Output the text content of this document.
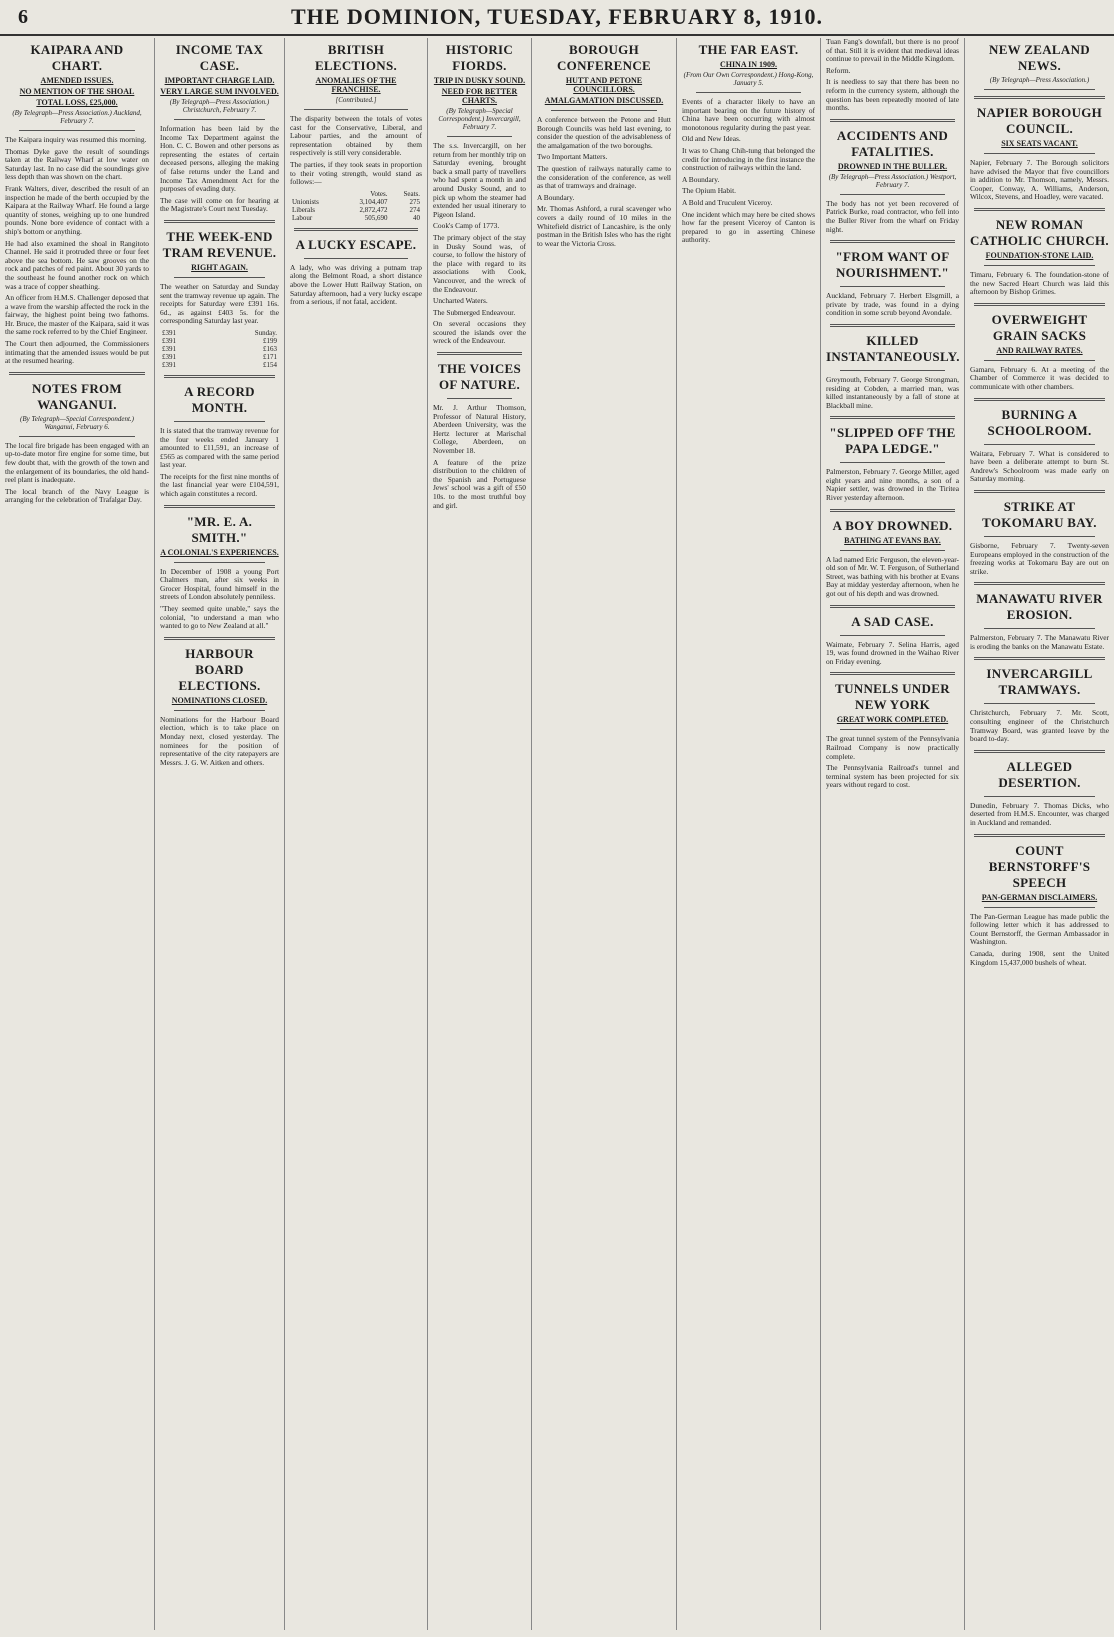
6	THE DOMINION, TUESDAY, FEBRUARY 8, 1910.
KAIPARA AND CHART.
AMENDED ISSUES.
NO MENTION OF THE SHOAL
TOTAL LOSS, £25,000.
(By Telegraph—Press Association.) Auckland, February 7.

The Kaipara inquiry was resumed this morning.

Thomas Dyke gave the result of soundings taken at the Railway Wharf at low water on Saturday last. In no case did the soundings give less depth than was shown on the chart.

Frank Walters, diver, described the result of an inspection he made of the berth occupied by the Kaipara at the Railway Wharf. He found a large quantity of stones, weighing up to one hundred pounds. None bore evidence of contact with a ship's bottom or anything.

He had also examined the shoal in Rangitoto Channel. He said it protruded three or four feet above the sea bottom. He saw grooves on the rock and patches of red paint. About 30 yards to the southeast he found another rock on which was a trace of copper sheathing.

An officer from H.M.S. Challenger deposed that a wave from the warship affected the rock in the fairway, the highest point being two fathoms. Hr. Bruce, the master of the Kaipara, said it was the same rock referred to by the Chief Engineer.

The Court then adjourned, the Commissioners intimating that the amended issues would be put at the resumed hearing.

NOTES FROM WANGANUI.
(By Telegraph—Special Correspondent.) Wanganui, February 6.

The local fire brigade has been engaged with an up-to-date motor fire engine for some time, but few doubt that, with the growth of the town and the enlargement of its boundaries, the old hand-reel plant is inadequate.

The local branch of the Navy League is arranging for the celebration of Trafalgar Day.

INCOME TAX CASE.
IMPORTANT CHARGE LAID.
VERY LARGE SUM INVOLVED.
(By Telegraph—Press Association.) Christchurch, February 7.

Information has been laid by the Income Tax Department against the Hon. C. C. Bowen and other persons as representing the estates of certain deceased persons, alleging the making of false returns under the Land and Income Tax Amendment Act for the purposes of evading duty.

The case will come on for hearing at the Magistrate's Court next Tuesday.

THE WEEK-END TRAM REVENUE.
RIGHT AGAIN.

The weather on Saturday and Sunday sent the tramway revenue up again. The receipts for Saturday were £391 16s. 6d., as against £403 5s. for the corresponding Saturday last year.

£391	Sunday.
£391	£199
£391	£163
£391	£171
£391	£154
A RECORD MONTH.

It is stated that the tramway revenue for the four weeks ended January 1 amounted to £11,591, an increase of £565 as compared with the same period last year.

The receipts for the first nine months of the last financial year were £104,591, which again constitutes a record.

"MR. E. A. SMITH."
A COLONIAL'S EXPERIENCES.

In December of 1908 a young Port Chalmers man, after six weeks in Grocer Hospital, found himself in the streets of London absolutely penniless.

"They seemed quite unable," says the colonial, "to understand a man who wanted to go to New Zealand at all."

HARBOUR BOARD ELECTIONS.
NOMINATIONS CLOSED.

Nominations for the Harbour Board election, which is to take place on Monday next, closed yesterday. The nominees for the position of representative of the city ratepayers are Messrs. J. G. W. Aitken and others.

BRITISH ELECTIONS.
ANOMALIES OF THE FRANCHISE.
[Contributed.]

The disparity between the totals of votes cast for the Conservative, Liberal, and Labour parties, and the amount of representation obtained by them respectively is still very considerable.

The parties, if they took seats in proportion to their voting strength, would stand as follows:—

	Votes.	Seats.
Unionists	3,104,407	275
Liberals	2,872,472	274
Labour	505,690	40
A LUCKY ESCAPE.

A lady, who was driving a putnam trap along the Belmont Road, a short distance above the Lower Hutt Railway Station, on Saturday afternoon, had a very lucky escape from a serious, if not fatal, accident.

HISTORIC FIORDS.
TRIP IN DUSKY SOUND.
NEED FOR BETTER CHARTS.
(By Telegraph—Special Correspondent.) Invercargill, February 7.

The s.s. Invercargill, on her return from her monthly trip on Saturday evening, brought back a small party of travellers who had spent a month in and around Dusky Sound, and to pick up whom the steamer had extended her usual itinerary to Pigeon Island.

Cook's Camp of 1773.

The primary object of the stay in Dusky Sound was, of course, to follow the history of the place with regard to its associations with Cook, Vancouver, and the wreck of the Endeavour.

Uncharted Waters.

The Submerged Endeavour.

On several occasions they scoured the islands over the wreck of the Endeavour.

THE VOICES OF NATURE.

Mr. J. Arthur Thomson, Professor of Natural History, Aberdeen University, was the Hertz lecturer at Marischal College, Aberdeen, on November 18.

A feature of the prize distribution to the children of the Spanish and Portuguese Jews' school was a gift of £50 10s. to the most truthful boy and girl.

BOROUGH CONFERENCE
HUTT AND PETONE COUNCILLORS.
AMALGAMATION DISCUSSED.

A conference between the Petone and Hutt Borough Councils was held last evening, to consider the question of the advisableness of the amalgamation of the two boroughs.

Two Important Matters.

The question of railways naturally came to the consideration of the conference, as well as that of tramways and drainage.

A Boundary.

Mr. Thomas Ashford, a rural scavenger who covers a daily round of 10 miles in the Whitefield district of Lancashire, is the only postman in the British Isles who has the right to wear the Victoria Cross.

THE FAR EAST.
CHINA IN 1909.
(From Our Own Correspondent.) Hong-Kong, January 5.

Events of a character likely to have an important bearing on the future history of China have been occurring with almost monotonous regularity during the past year.

Old and New Ideas.

It was to Chang Chih-tung that belonged the credit for introducing in the first instance the construction of railways within the land.

A Boundary.

The Opium Habit.

A Bold and Truculent Viceroy.

One incident which may here be cited shows how far the present Viceroy of Canton is prepared to go in asserting Chinese authority.

Tuan Fang's downfall, but there is no proof of that. Still it is evident that medieval ideas continue to prevail in the Middle Kingdom.

Reform.

It is needless to say that there has been no reform in the currency system, although the question has been repeatedly mooted of late months.

ACCIDENTS AND FATALITIES.
DROWNED IN THE BULLER.
(By Telegraph—Press Association.) Westport, February 7.

The body has not yet been recovered of Patrick Burke, road contractor, who fell into the Buller River from the wharf on Friday night.

"FROM WANT OF NOURISHMENT."

Auckland, February 7. Herbert Elsgmill, a private by trade, was found in a dying condition in some scrub beyond Avondale.

KILLED INSTANTANEOUSLY.

Greymouth, February 7. George Strongman, residing at Cobden, a married man, was killed instantaneously by a fall of stone at Blackball mine.

"SLIPPED OFF THE PAPA LEDGE."

Palmerston, February 7. George Miller, aged eight years and nine months, a son of a Napier settler, was drowned in the Tiritea River yesterday afternoon.

A BOY DROWNED.
BATHING AT EVANS BAY.

A lad named Eric Ferguson, the eleven-year-old son of Mr. W. T. Ferguson, of Sutherland Street, was bathing with his brother at Evans Bay at midday yesterday afternoon, when he got out of his depth and was drowned.

A SAD CASE.

Waimate, February 7. Selina Harris, aged 19, was found drowned in the Waihao River on Friday evening.

TUNNELS UNDER NEW YORK
GREAT WORK COMPLETED.

The great tunnel system of the Pennsylvania Railroad Company is now practically complete.

The Pennsylvania Railroad's tunnel and terminal system has been projected for six years without regard to cost.

NEW ZEALAND NEWS.
(By Telegraph—Press Association.)
NAPIER BOROUGH COUNCIL.
SIX SEATS VACANT.

Napier, February 7. The Borough solicitors have advised the Mayor that five councillors in addition to Mr. Thomson, namely, Messrs. Cooper, Conway, A. Williams, Anderson, Wilcox, Stevens, and Hoadley, were vacated.

NEW ROMAN CATHOLIC CHURCH.
FOUNDATION-STONE LAID.

Timaru, February 6. The foundation-stone of the new Sacred Heart Church was laid this afternoon by Bishop Grimes.

OVERWEIGHT GRAIN SACKS
AND RAILWAY RATES.

Gamaru, February 6. At a meeting of the Chamber of Commerce it was decided to communicate with other chambers.

BURNING A SCHOOLROOM.

Waitara, February 7. What is considered to have been a deliberate attempt to burn St. Andrew's Schoolroom was made early on Saturday morning.

STRIKE AT TOKOMARU BAY.

Gisborne, February 7. Twenty-seven Europeans employed in the construction of the freezing works at Tokomaru Bay are out on strike.

MANAWATU RIVER EROSION.

Palmerston, February 7. The Manawatu River is eroding the banks on the Manawatu Estate.

INVERCARGILL TRAMWAYS.

Christchurch, February 7. Mr. Scott, consulting engineer of the Christchurch Tramway Board, was granted leave by the board to-day.

ALLEGED DESERTION.

Dunedin, February 7. Thomas Dicks, who deserted from H.M.S. Encounter, was charged in Auckland and remanded.

COUNT BERNSTORFF'S SPEECH
PAN-GERMAN DISCLAIMERS.

The Pan-German League has made public the following letter which it has addressed to Count Bernstorff, the German Ambassador in Washington.

Canada, during 1908, sent the United Kingdom 15,437,000 bushels of wheat.
